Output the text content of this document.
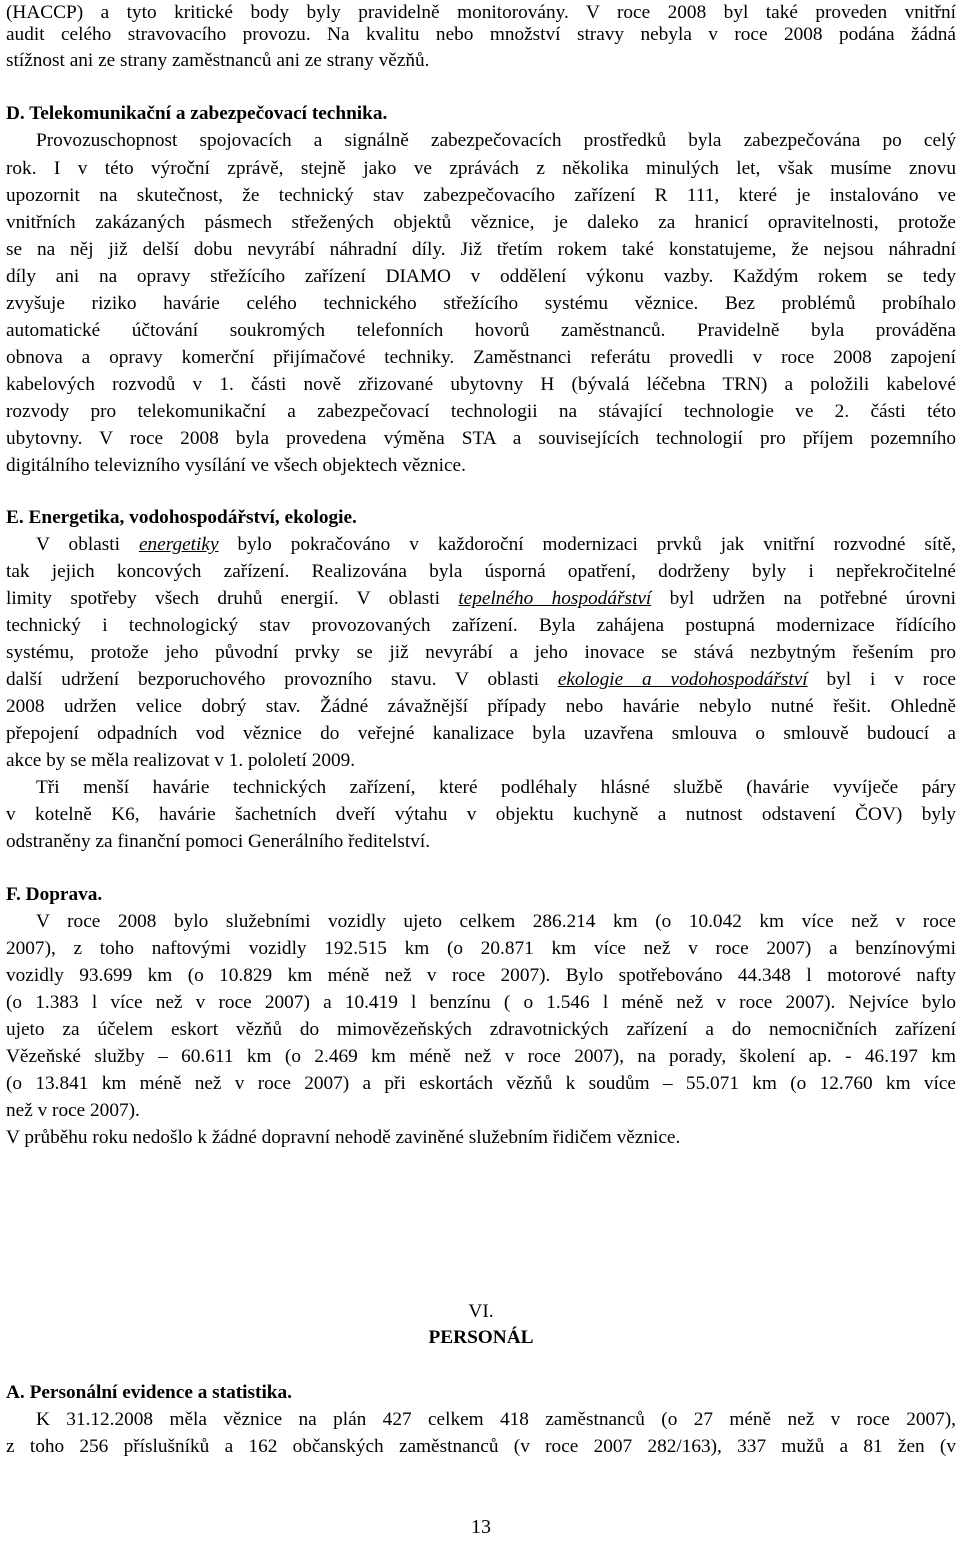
(HACCP) a tyto kritické body byly pravidelně monitorovány. V roce 2008 byl také proveden vnitřní
audit celého stravovacího provozu. Na kvalitu nebo množství stravy nebyla v roce 2008 podána žádná
stížnost ani ze strany zaměstnanců ani ze strany vězňů.
D. Telekomunikační a zabezpečovací technika.
Provozuschopnost spojovacích a signálně zabezpečovacích prostředků byla zabezpečována po celý
rok. I v této výroční zprávě, stejně jako ve zprávách z několika minulých let, však musíme znovu
upozornit na skutečnost, že technický stav zabezpečovacího zařízení R 111, které je instalováno ve
vnitřních zakázaných pásmech střežených objektů věznice, je daleko za hranicí opravitelnosti, protože
se na něj již delší dobu nevyrábí náhradní díly. Již třetím rokem také konstatujeme, že nejsou náhradní
díly ani na opravy střežícího zařízení DIAMO v oddělení výkonu vazby. Každým rokem se tedy
zvyšuje riziko havárie celého technického střežícího systému věznice. Bez problémů probíhalo
automatické účtování soukromých telefonních hovorů zaměstnanců. Pravidelně byla prováděna
obnova a opravy komerční přijímačové techniky. Zaměstnanci referátu provedli v roce 2008 zapojení
kabelových rozvodů v 1. části nově zřizované ubytovny H (bývalá léčebna TRN) a položili kabelové
rozvody pro telekomunikační a zabezpečovací technologii na stávající technologie ve 2. části této
ubytovny. V roce 2008 byla provedena výměna STA a souvisejících technologií pro příjem pozemního
digitálního televizního vysílání ve všech objektech věznice.
E. Energetika, vodohospodářství, ekologie.
V oblasti energetiky bylo pokračováno v každoroční modernizaci prvků jak vnitřní rozvodné sítě,
tak jejich koncových zařízení. Realizována byla úsporná opatření, dodrženy byly i nepřekročitelné
limity spotřeby všech druhů energií. V oblasti tepelného hospodářství byl udržen na potřebné úrovni
technický i technologický stav provozovaných zařízení. Byla zahájena postupná modernizace řídícího
systému, protože jeho původní prvky se již nevyrábí a jeho inovace se stává nezbytným řešením pro
další udržení bezporuchového provozního stavu. V oblasti ekologie a vodohospodářství byl i v roce
2008 udržen velice dobrý stav. Žádné závažnější případy nebo havárie nebylo nutné řešit. Ohledně
přepojení odpadních vod věznice do veřejné kanalizace byla uzavřena smlouva o smlouvě budoucí a
akce by se měla realizovat v 1. pololetí 2009.
Tři menší havárie technických zařízení, které podléhaly hlásné službě (havárie vyvíječe páry
v kotelně K6, havárie šachetních dveří výtahu v objektu kuchyně a nutnost odstavení ČOV) byly
odstraněny za finanční pomoci Generálního ředitelství.
F. Doprava.
V roce 2008 bylo služebními vozidly ujeto celkem 286.214 km (o 10.042 km více než v roce
2007), z toho naftovými vozidly 192.515 km (o 20.871 km více než v roce 2007) a benzínovými
vozidly 93.699 km (o 10.829 km méně než v roce 2007). Bylo spotřebováno 44.348 l motorové nafty
(o 1.383 l více než v roce 2007) a 10.419 l benzínu ( o 1.546 l méně než v roce 2007). Nejvíce bylo
ujeto za účelem eskort vězňů do mimovězeňských zdravotnických zařízení a do nemocničních zařízení
Vězeňské služby – 60.611 km (o 2.469 km méně než v roce 2007), na porady, školení ap. - 46.197 km
(o 13.841 km méně než v roce 2007) a při eskortách vězňů k soudům – 55.071 km (o 12.760 km více
než v roce 2007).
V průběhu roku nedošlo k žádné dopravní nehodě zaviněné služebním řidičem věznice.
VI.
PERSONÁL
A. Personální evidence a statistika.
K 31.12.2008 měla věznice na plán 427 celkem 418 zaměstnanců (o 27 méně než v roce 2007),
z toho 256 příslušníků a 162 občanských zaměstnanců (v roce 2007 282/163), 337 mužů a 81 žen (v
13
